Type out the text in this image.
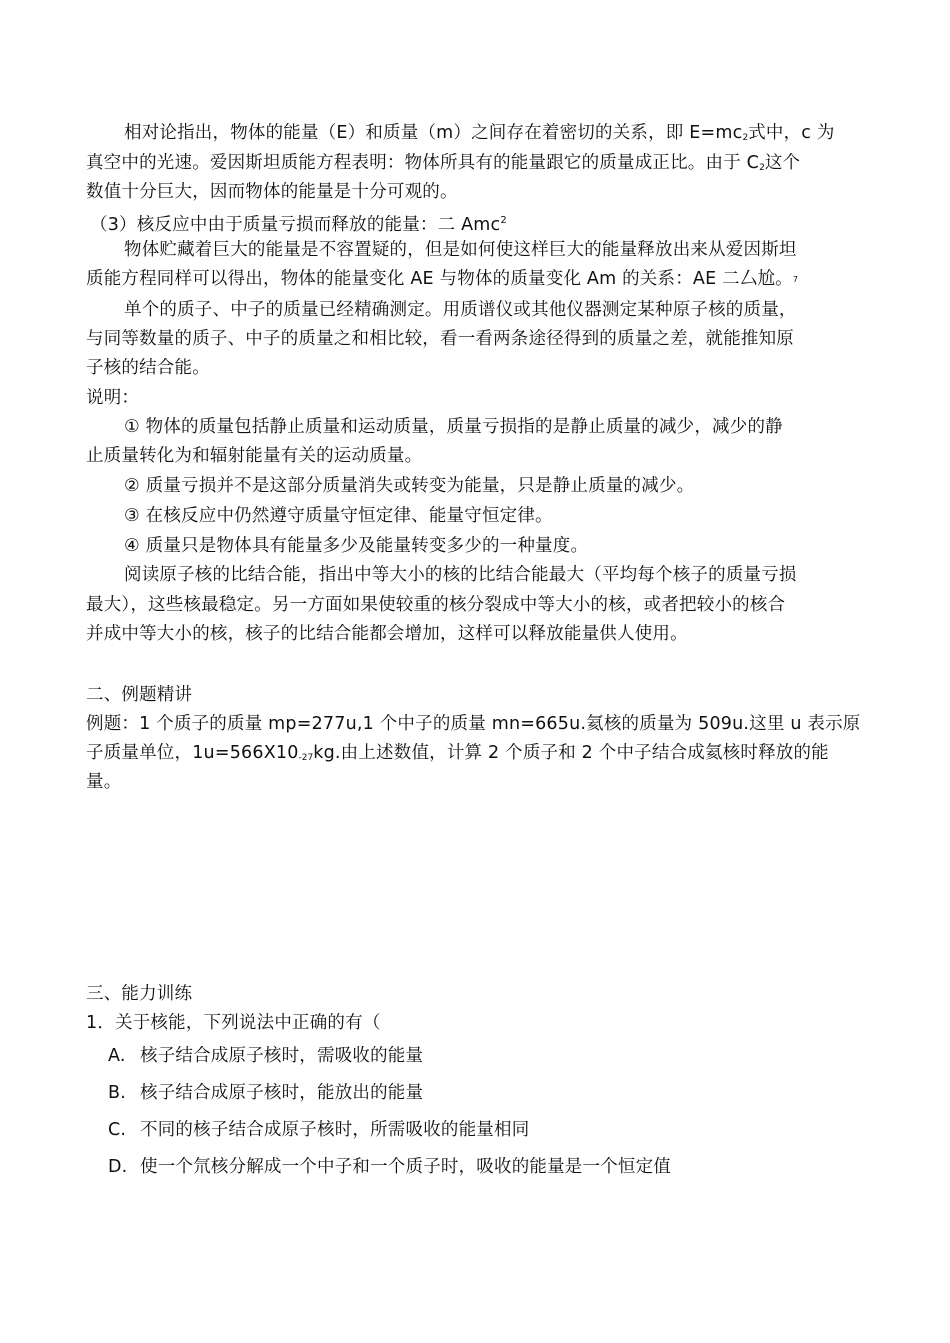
相对论指出，物体的能量（E）和质量（m）之间存在着密切的关系，即 $E=mc_2$式中，c 为
真空中的光速。爱因斯坦质能方程表明：物体所具有的能量跟它的质量成正比。由于 $C_2$这个
数值十分巨大，因而物体的能量是十分可观的。
（3）核反应中由于质量亏损而释放的能量：二 Amc$^2$
物体贮藏着巨大的能量是不容置疑的，但是如何使这样巨大的能量释放出来从爱因斯坦
质能方程同样可以得出，物体的能量变化 AE 与物体的质量变化 Am 的关系：AE 二厶尬。7
单个的质子、中子的质量已经精确测定。用质谱仪或其他仪器测定某种原子核的质量，
与同等数量的质子、中子的质量之和相比较，看一看两条途径得到的质量之差，就能推知原
子核的结合能。
说明：
① 物体的质量包括静止质量和运动质量，质量亏损指的是静止质量的减少，减少的静
止质量转化为和辐射能量有关的运动质量。
② 质量亏损并不是这部分质量消失或转变为能量，只是静止质量的减少。
③ 在核反应中仍然遵守质量守恒定律、能量守恒定律。
④ 质量只是物体具有能量多少及能量转变多少的一种量度。
阅读原子核的比结合能，指出中等大小的核的比结合能最大（平均每个核子的质量亏损
最大），这些核最稳定。另一方面如果使较重的核分裂成中等大小的核，或者把较小的核合
并成中等大小的核，核子的比结合能都会增加，这样可以释放能量供人使用。
二、例题精讲
例题：1 个质子的质量 mp=277u,1 个中子的质量 mn=665u.氦核的质量为 509u.这里 u 表示原
子质量单位，$1u=566X10_{-27}kg$.由上述数值，计算 2 个质子和 2 个中子结合成氦核时释放的能
量。
三、能力训练
1．关于核能，下列说法中正确的有（
A. 核子结合成原子核时，需吸收的能量
B. 核子结合成原子核时，能放出的能量
C. 不同的核子结合成原子核时，所需吸收的能量相同
D. 使一个氘核分解成一个中子和一个质子时，吸收的能量是一个恒定值
